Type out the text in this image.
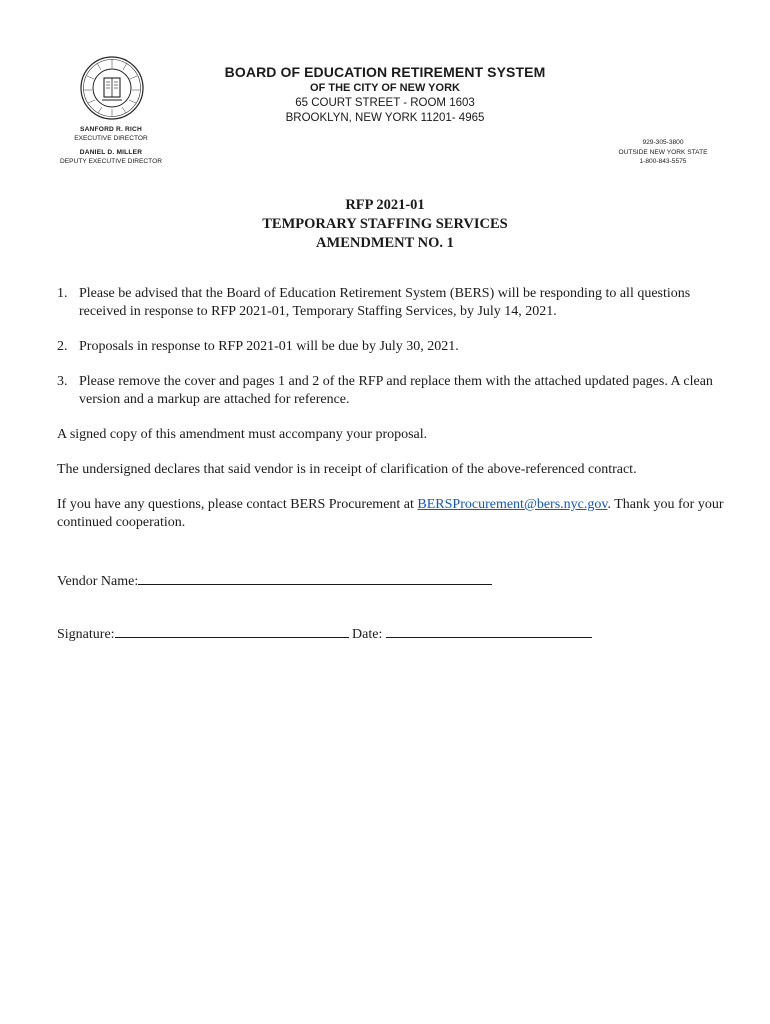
BOARD OF EDUCATION RETIREMENT SYSTEM
OF THE CITY OF NEW YORK
65 COURT STREET - ROOM 1603
BROOKLYN, NEW YORK 11201- 4965
SANFORD R. RICH
EXECUTIVE DIRECTOR
DANIEL D. MILLER
DEPUTY EXECUTIVE DIRECTOR
929-305-3800
OUTSIDE NEW YORK STATE
1-800-843-5575
RFP 2021-01
TEMPORARY STAFFING SERVICES
AMENDMENT NO. 1
1. Please be advised that the Board of Education Retirement System (BERS) will be responding to all questions received in response to RFP 2021-01, Temporary Staffing Services, by July 14, 2021.
2. Proposals in response to RFP 2021-01 will be due by July 30, 2021.
3. Please remove the cover and pages 1 and 2 of the RFP and replace them with the attached updated pages. A clean version and a markup are attached for reference.
A signed copy of this amendment must accompany your proposal.
The undersigned declares that said vendor is in receipt of clarification of the above-referenced contract.
If you have any questions, please contact BERS Procurement at BERSProcurement@bers.nyc.gov. Thank you for your continued cooperation.
Vendor Name:
Signature:	Date:
